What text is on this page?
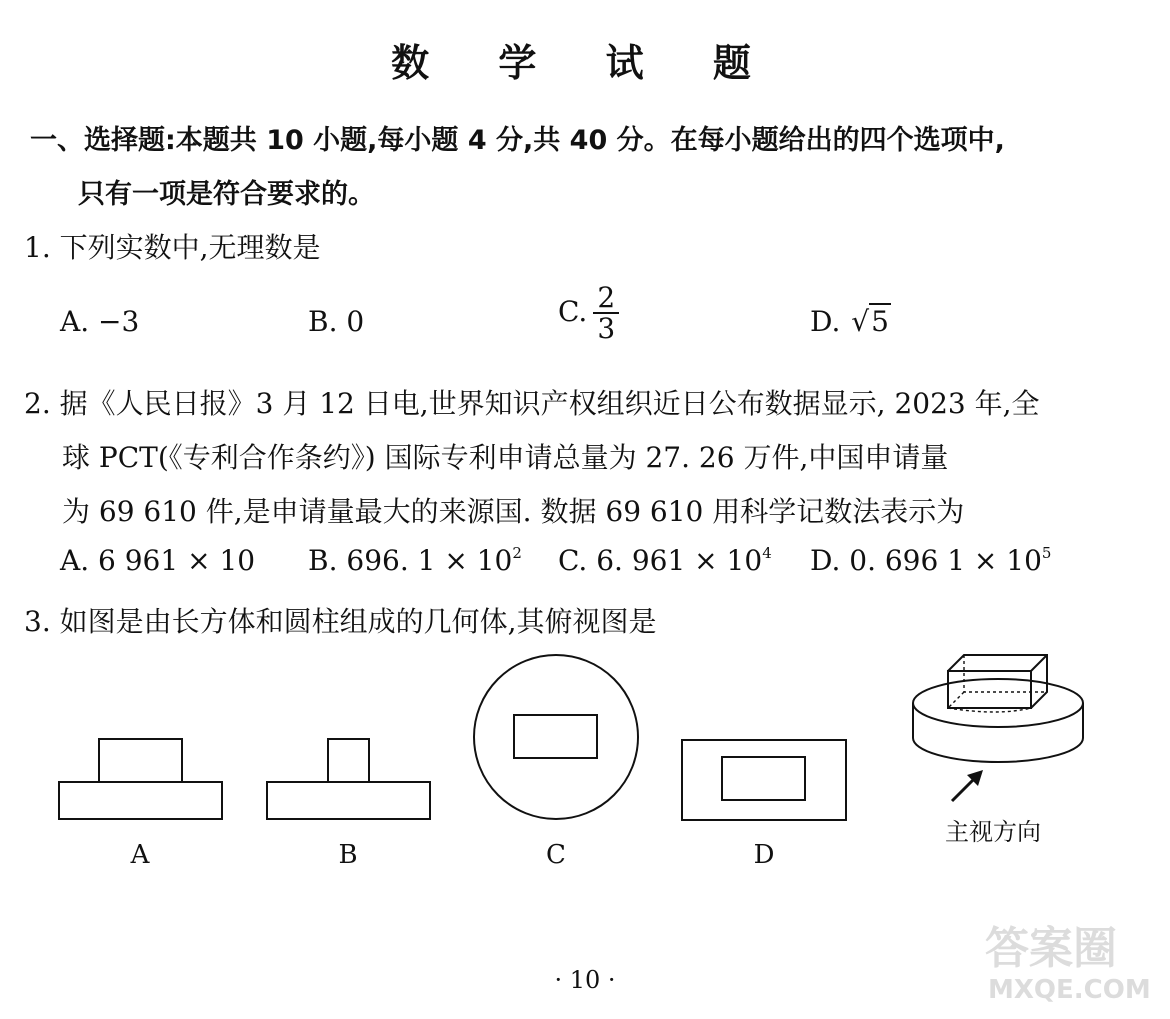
数 学 试 题
一、选择题:本题共 10 小题,每小题 4 分,共 40 分。在每小题给出的四个选项中,
只有一项是符合要求的。
1. 下列实数中,无理数是
A. −3	B. 0	C. $\frac{2}{3}$	D. √5
2. 据《人民日报》3 月 12 日电,世界知识产权组织近日公布数据显示, 2023 年,全
球 PCT(《专利合作条约》) 国际专利申请总量为 27. 26 万件,中国申请量
为 69 610 件,是申请量最大的来源国. 数据 69 610 用科学记数法表示为
A. 6 961 × 10 B. 696. $1 \times 10^2$ C. 6. $961 \times 10^4$ D. 0. 696 $1 \times 10^5$
3. 如图是由长方体和圆柱组成的几何体,其俯视图是
A	B	C	D
主视方向
· 10 ·
答案圈
MXQE.COM
